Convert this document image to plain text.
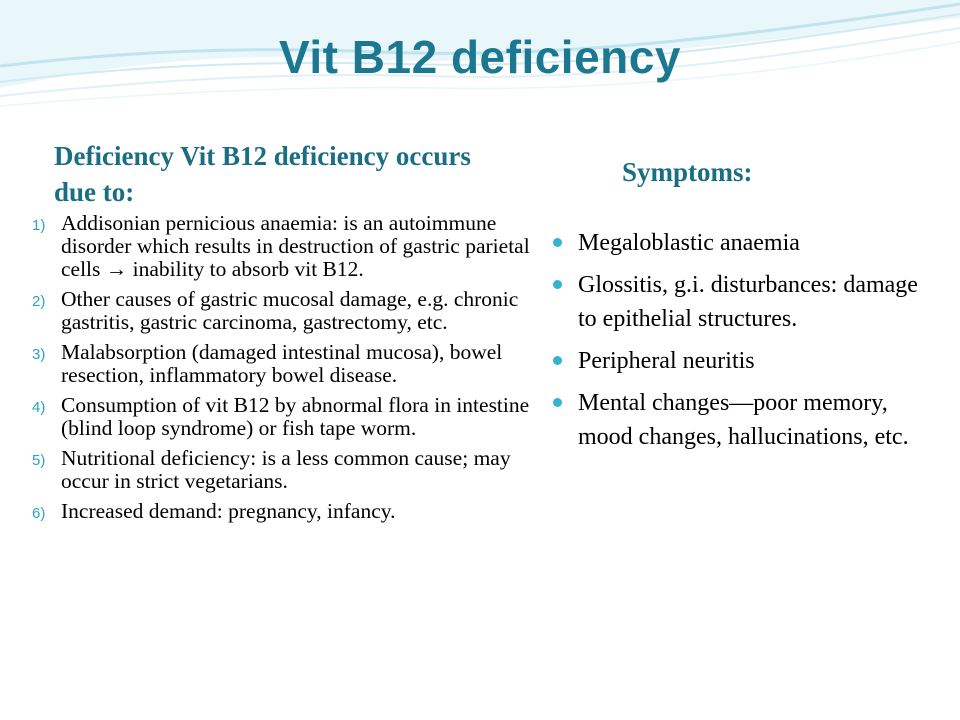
Vit B12 deficiency
Deficiency Vit B12 deficiency occurs due to:
Symptoms:
1) Addisonian pernicious anaemia: is an autoimmune disorder which results in destruction of gastric parietal cells → inability to absorb vit B12.
2) Other causes of gastric mucosal damage, e.g. chronic gastritis, gastric carcinoma, gastrectomy, etc.
3) Malabsorption (damaged intestinal mucosa), bowel resection, inflammatory bowel disease.
4) Consumption of vit B12 by abnormal flora in intestine (blind loop syndrome) or fish tape worm.
5) Nutritional deficiency: is a less common cause; may occur in strict vegetarians.
6) Increased demand: pregnancy, infancy.
Megaloblastic anaemia
Glossitis, g.i. disturbances: damage to epithelial structures.
Peripheral neuritis
Mental changes—poor memory, mood changes, hallucinations, etc.
